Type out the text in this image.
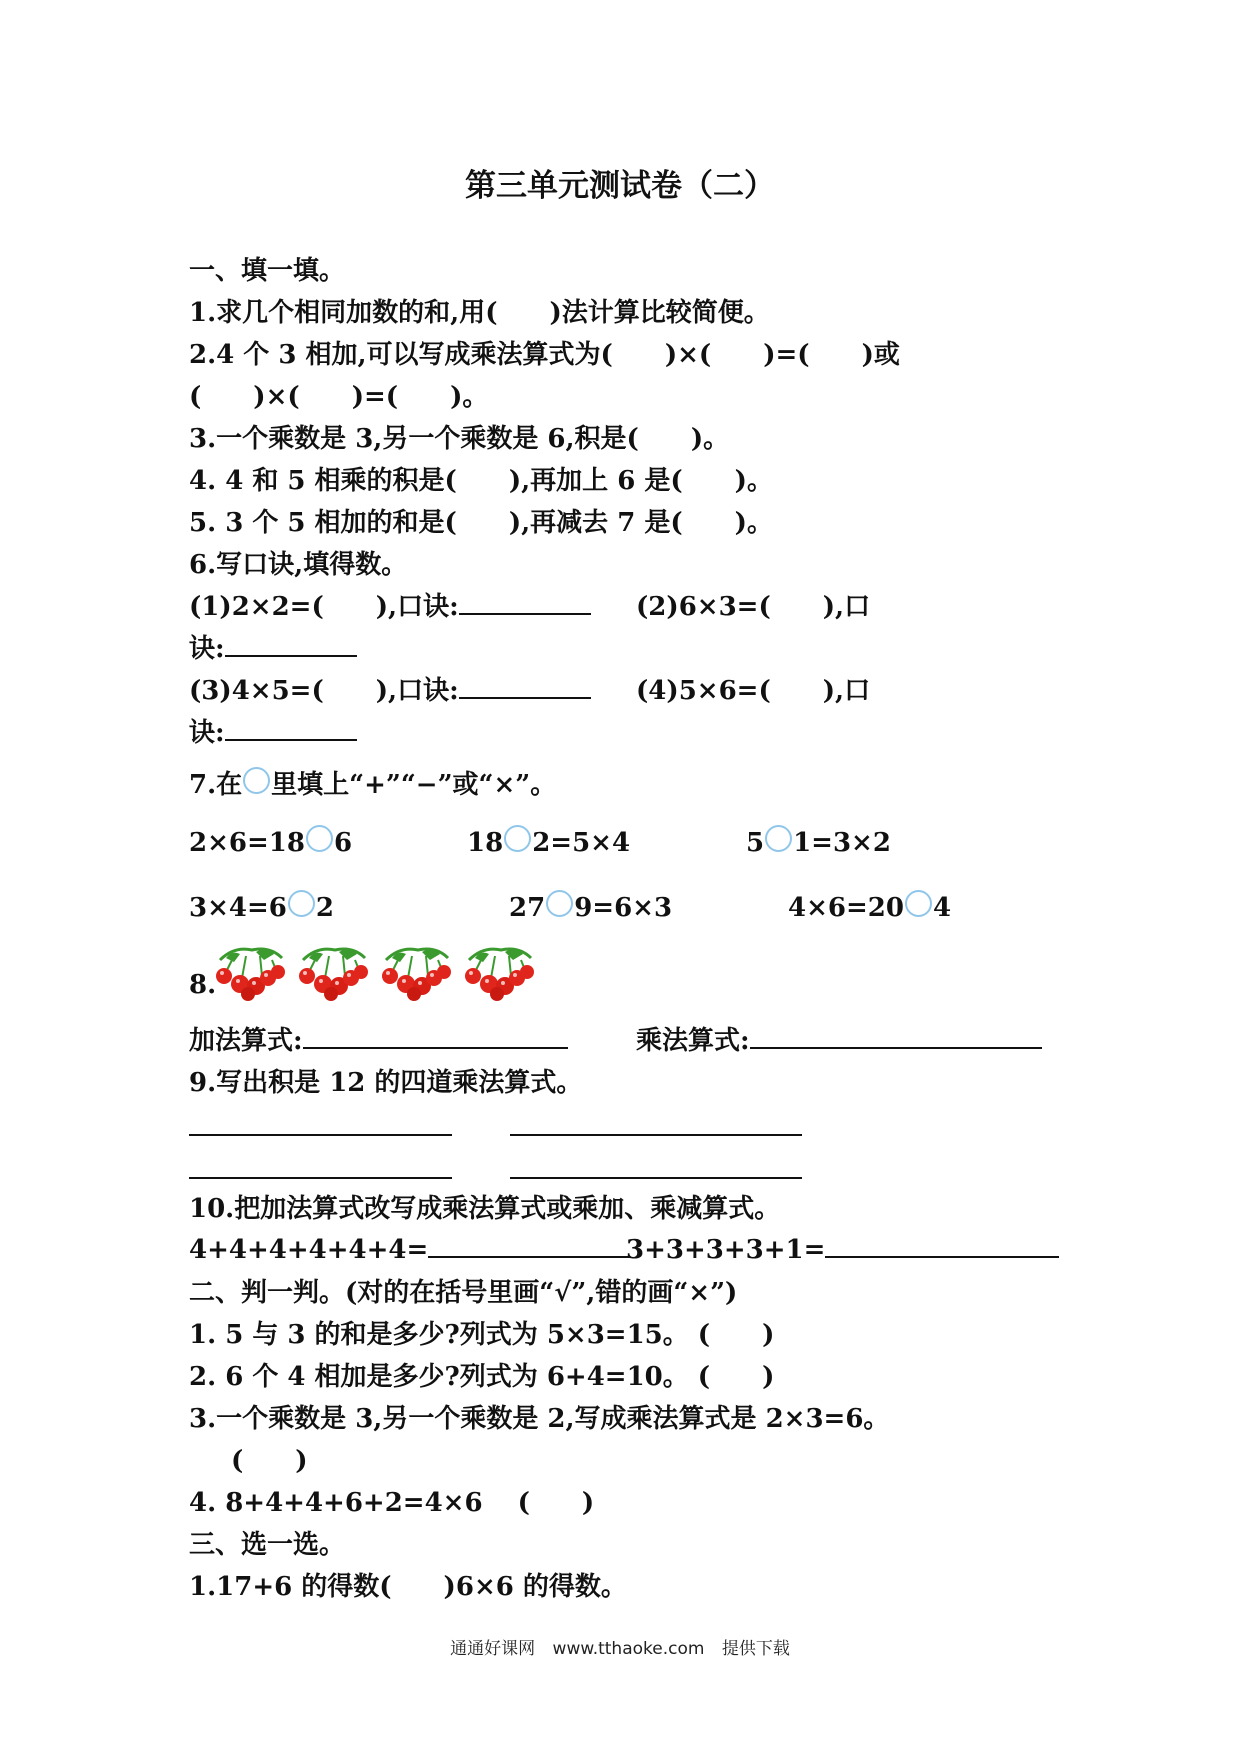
第三单元测试卷（二）
一、填一填。
1.求几个相同加数的和,用(　　)法计算比较简便。
2.4 个 3 相加,可以写成乘法算式为(　　)×(　　)=(　　)或
(　　)×(　　)=(　　)。
3.一个乘数是 3,另一个乘数是 6,积是(　　)。
4. 4 和 5 相乘的积是(　　),再加上 6 是(　　)。
5. 3 个 5 相加的和是(　　),再减去 7 是(　　)。
6.写口诀,填得数。
(1)2×2=(　　),口诀:	(2)6×3=(　　),口
诀:
(3)4×5=(　　),口诀:	(4)5×6=(　　),口
诀:
7.在 里填上“+”“−”或“×”。
2×6=18 6	18 2=5×4	5 1=3×2
3×4=6 2	27 9=6×3	4×6=20 4
8.
加法算式:	乘法算式:
9.写出积是 12 的四道乘法算式。
10.把加法算式改写成乘法算式或乘加、乘减算式。
4+4+4+4+4+4=	3+3+3+3+1=
二、判一判。(对的在括号里画“√”,错的画“×”)
1. 5 与 3 的和是多少?列式为 5×3=15。 (　　)
2. 6 个 4 相加是多少?列式为 6+4=10。 (　　)
3.一个乘数是 3,另一个乘数是 2,写成乘法算式是 2×3=6。
(　　)
4. 8+4+4+6+2=4×6　 (　　)
三、选一选。
1.17+6 的得数(　　)6×6 的得数。
通通好课网 www.tthaoke.com 提供下载
